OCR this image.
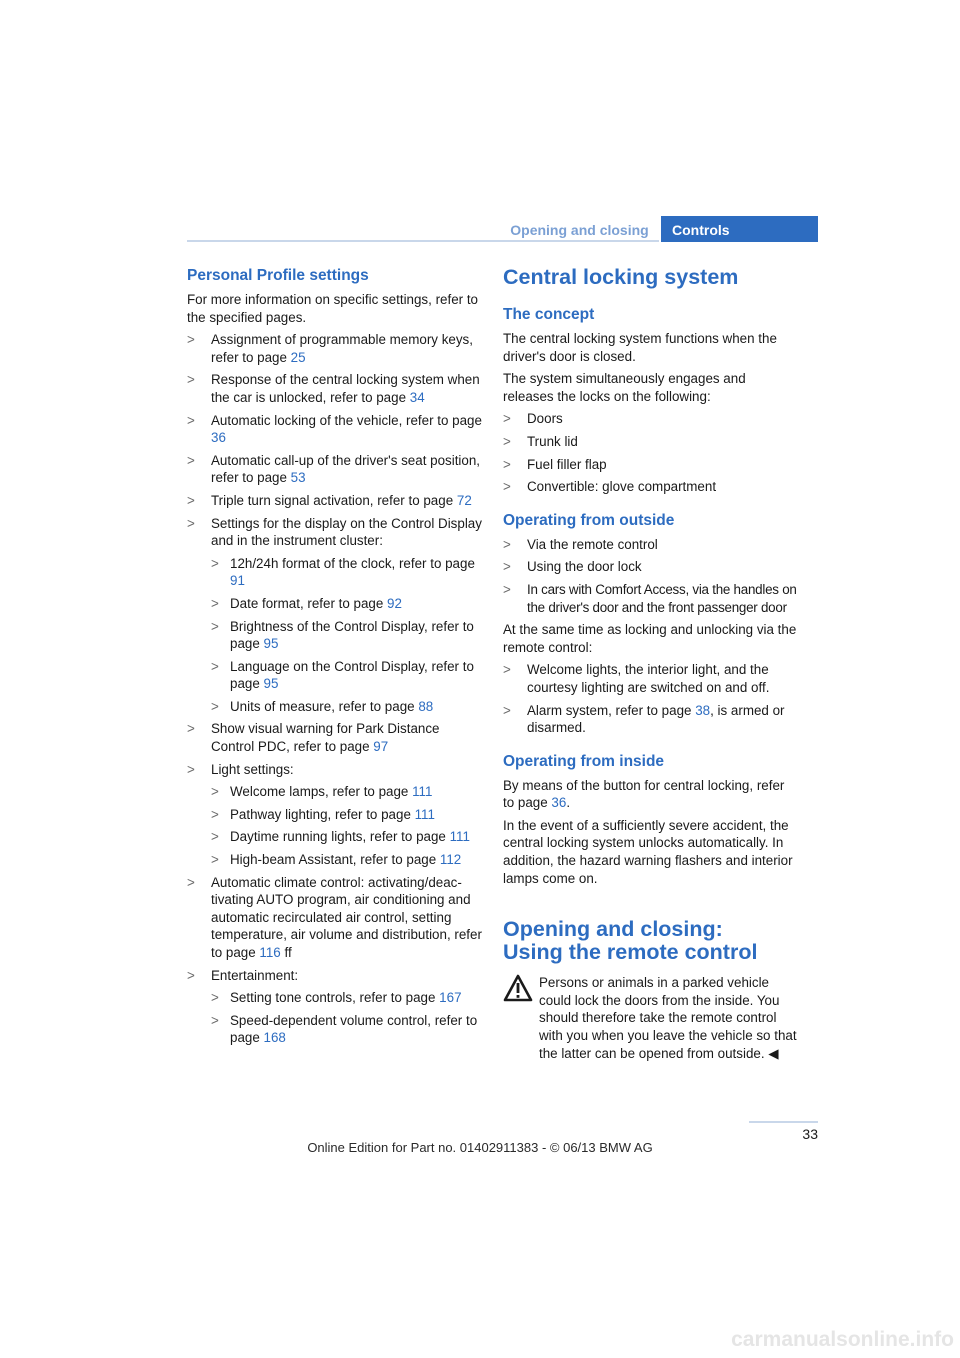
Opening and closing	Controls
Personal Profile settings

For more information on specific settings, refer to the specified pages.

> Assignment of programmable memory keys, refer to page 25
> Response of the central locking system when the car is unlocked, refer to page 34
> Automatic locking of the vehicle, refer to page 36
> Automatic call-up of the driver's seat position, refer to page 53
> Triple turn signal activation, refer to page 72
> Settings for the display on the Control Display and in the instrument cluster:
> 12h/24h format of the clock, refer to page 91
> Date format, refer to page 92
> Brightness of the Control Display, refer to page 95
> Language on the Control Display, refer to page 95
> Units of measure, refer to page 88
> Show visual warning for Park Distance Control PDC, refer to page 97
> Light settings:
> Welcome lamps, refer to page 111
> Pathway lighting, refer to page 111
> Daytime running lights, refer to page 111
> High-beam Assistant, refer to page 112
> Automatic climate control: activating/deactivating AUTO program, air conditioning and automatic recirculated air control, setting temperature, air volume and distribution, refer to page 116 ff
> Entertainment:
> Setting tone controls, refer to page 167
> Speed-dependent volume control, refer to page 168
Central locking system
The concept

The central locking system functions when the driver's door is closed.

The system simultaneously engages and releases the locks on the following:

> Doors
> Trunk lid
> Fuel filler flap
> Convertible: glove compartment
Operating from outside
> Via the remote control
> Using the door lock
> In cars with Comfort Access, via the handles on the driver's door and the front passenger door

At the same time as locking and unlocking via the remote control:

> Welcome lights, the interior light, and the courtesy lighting are switched on and off.
> Alarm system, refer to page 38, is armed or disarmed.
Operating from inside

By means of the button for central locking, refer to page 36.

In the event of a sufficiently severe accident, the central locking system unlocks automatically. In addition, the hazard warning flashers and interior lamps come on.

Opening and closing:
Using the remote control

Persons or animals in a parked vehicle could lock the doors from the inside. You should therefore take the remote control with you when you leave the vehicle so that the latter can be opened from outside. ◀

33
Online Edition for Part no. 01402911383 - © 06/13 BMW AG
carmanualsonline.info
